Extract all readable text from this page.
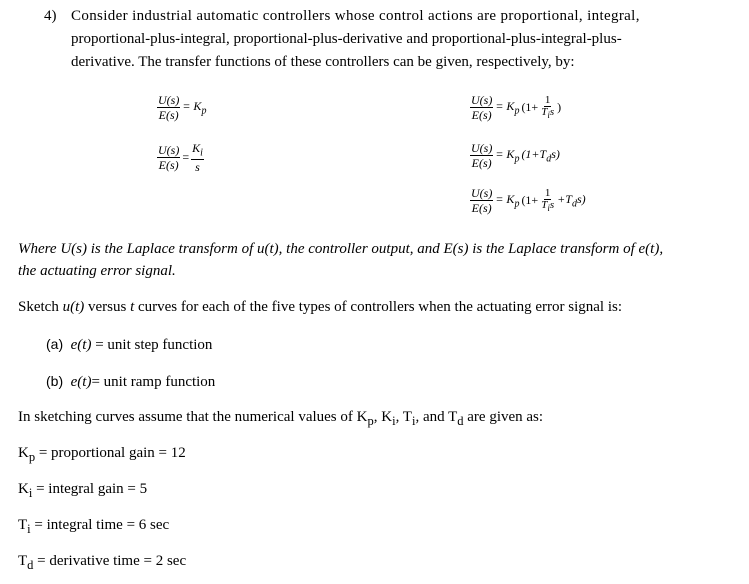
4) Consider industrial automatic controllers whose control actions are proportional, integral,
proportional-plus-integral, proportional-plus-derivative and proportional-plus-integral-plus-
derivative. The transfer functions of these controllers can be given, respectively, by:
$\frac{U(s)}{E(s)} = K_p$
$\frac{U(s)}{E(s)} = \frac{K_i}{s}$
$\frac{U(s)}{E(s)} = K_p$ ($1+ \frac{1}{T_is}$ )
$\frac{U(s)}{E(s)} = K_p$ $(1+T_ds)$
$\frac{U(s)}{E(s)} = K_p$ $(1+ \frac{1}{T_is} +T_ds)$
Where U(s) is the Laplace transform of u(t), the controller output, and E(s) is the Laplace transform of e(t),
the actuating error signal.
Sketch u(t) versus t curves for each of the five types of controllers when the actuating error signal is:
(a) e(t) = unit step function
(b) e(t)= unit ramp function
In sketching curves assume that the numerical values of $K_p$, $K_i$, $T_i$, and $T_d$ are given as:
$K_p$ = proportional gain = 12
$K_i$ = integral gain = 5
$T_i$ = integral time = 6 sec
$T_d$ = derivative time = 2 sec
